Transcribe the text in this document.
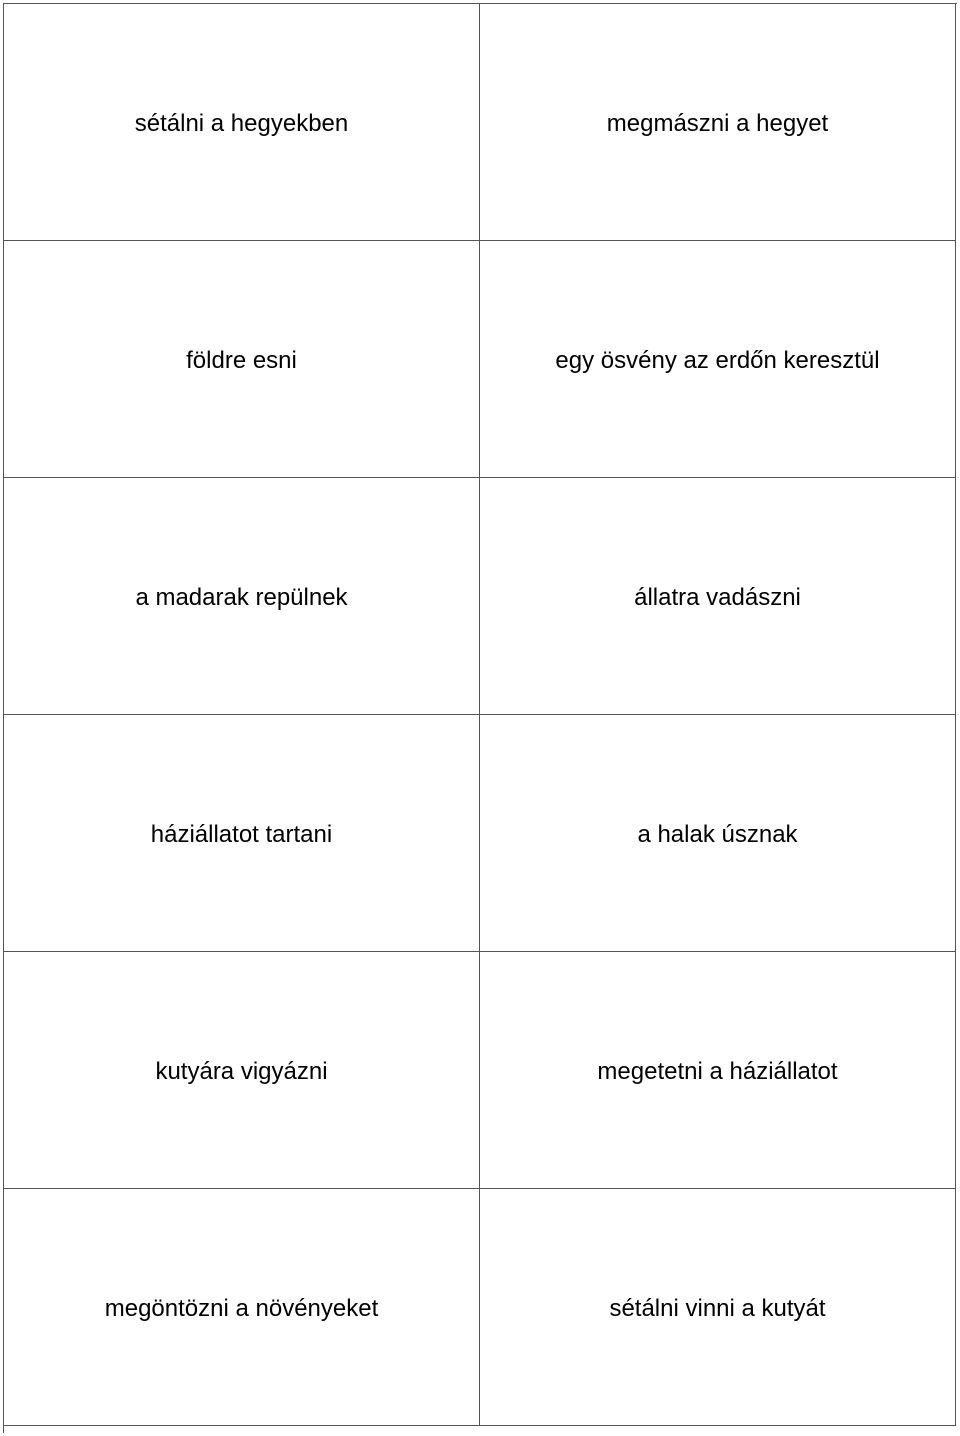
sétálni a hegyekben	megmászni a hegyet
földre esni	egy ösvény az erdőn keresztül
a madarak repülnek	állatra vadászni
háziállatot tartani	a halak úsznak
kutyára vigyázni	megetetni a háziállatot
megöntözni a növényeket	sétálni vinni a kutyát
